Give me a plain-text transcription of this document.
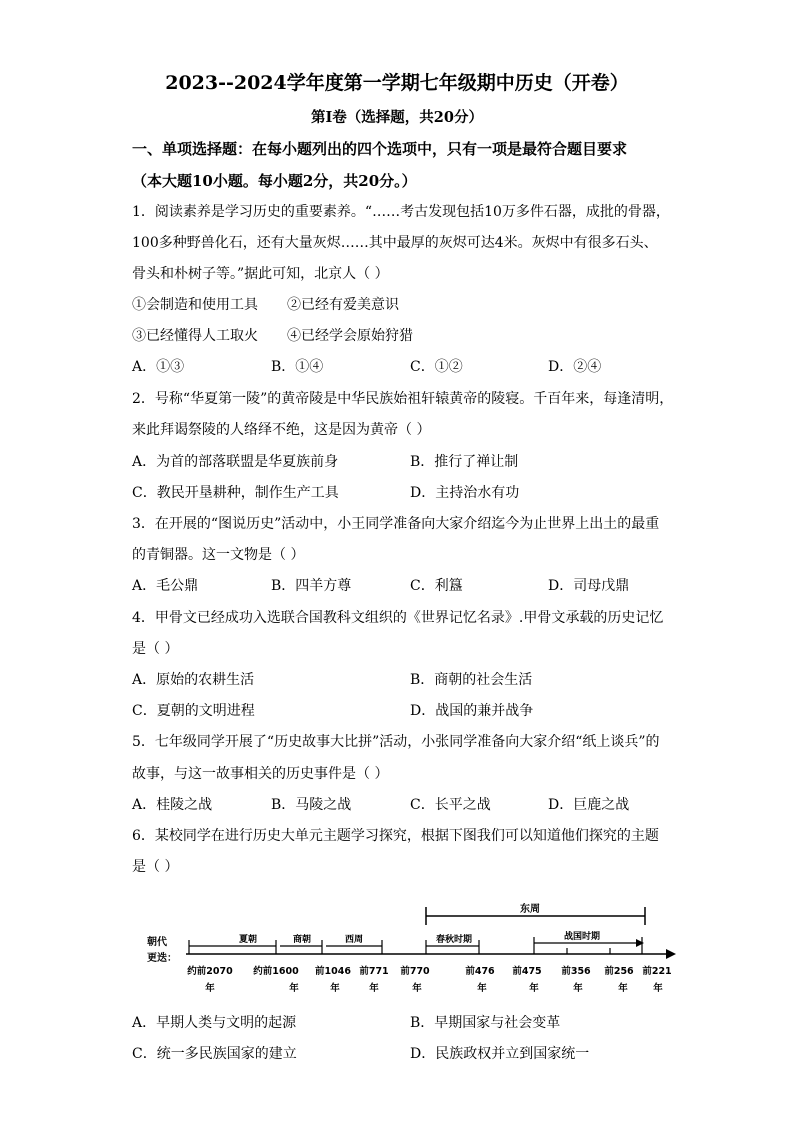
2023--2024学年度第一学期七年级期中历史（开卷）
第Ⅰ卷（选择题，共20分）
一、单项选择题：在每小题列出的四个选项中，只有一项是最符合题目要求
（本大题10小题。每小题2分，共20分。）
1．阅读素养是学习历史的重要素养。“……考古发现包括10万多件石器，成批的骨器，
100多种野兽化石，还有大量灰烬……其中最厚的灰烬可达4米。灰烬中有很多石头、
骨头和朴树子等。”据此可知，北京人（ ）
①会制造和使用工具 ②已经有爱美意识
③已经懂得人工取火 ④已经学会原始狩猎
A．①③	B．①④	C．①②	D．②④
2．号称“华夏第一陵”的黄帝陵是中华民族始祖轩辕黄帝的陵寝。千百年来，每逢清明，
来此拜谒祭陵的人络绎不绝，这是因为黄帝（ ）
A．为首的部落联盟是华夏族前身	B．推行了禅让制
C．教民开垦耕种，制作生产工具	D．主持治水有功
3．在开展的“图说历史”活动中，小王同学准备向大家介绍迄今为止世界上出土的最重
的青铜器。这一文物是（ ）
A．毛公鼎	B．四羊方尊	C．利簋	D．司母戊鼎
4．甲骨文已经成功入选联合国教科文组织的《世界记忆名录》.甲骨文承载的历史记忆
是（ ）
A．原始的农耕生活	B．商朝的社会生活
C．夏朝的文明进程	D．战国的兼并战争
5．七年级同学开展了“历史故事大比拼”活动，小张同学准备向大家介绍“纸上谈兵”的
故事，与这一故事相关的历史事件是（ ）
A．桂陵之战	B．马陵之战	C．长平之战	D．巨鹿之战
6．某校同学在进行历史大单元主题学习探究，根据下图我们可以知道他们探究的主题
是（ ）
东周
朝代
更迭：
夏朝	商朝	西周	春秋时期	战国时期
约前2070
年
约前1600
年
前1046
年
前771
年
前770
年
前476
年
前475
年
前356
年
前256
年
前221
年
A．早期人类与文明的起源	B．早期国家与社会变革
C．统一多民族国家的建立	D．民族政权并立到国家统一
